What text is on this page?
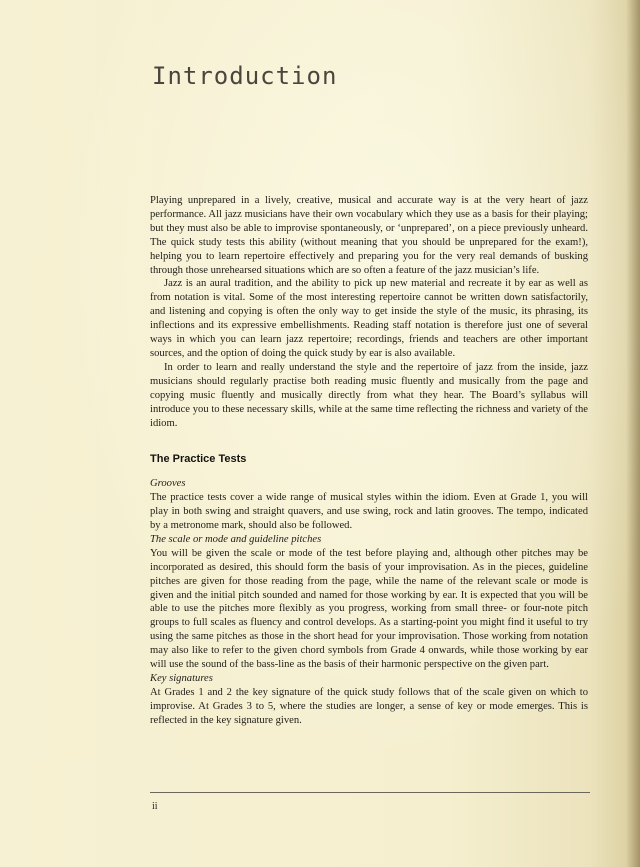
Introduction

Playing unprepared in a lively, creative, musical and accurate way is at the very heart of jazz performance. All jazz musicians have their own vocabulary which they use as a basis for their playing; but they must also be able to improvise spontaneously, or ‘unprepared’, on a piece previously unheard. The quick study tests this ability (without meaning that you should be unprepared for the exam!), helping you to learn repertoire effectively and preparing you for the very real demands of busking through those unrehearsed situations which are so often a feature of the jazz musician’s life.

Jazz is an aural tradition, and the ability to pick up new material and recreate it by ear as well as from notation is vital. Some of the most interesting repertoire cannot be written down satisfactorily, and listening and copying is often the only way to get inside the style of the music, its phrasing, its inflections and its expressive embellishments. Reading staff notation is therefore just one of several ways in which you can learn jazz repertoire; recordings, friends and teachers are other important sources, and the option of doing the quick study by ear is also available.

In order to learn and really understand the style and the repertoire of jazz from the inside, jazz musicians should regularly practise both reading music fluently and musically from the page and copying music fluently and musically directly from what they hear. The Board’s syllabus will introduce you to these necessary skills, while at the same time reflecting the richness and variety of the idiom.

The Practice Tests

Grooves

The practice tests cover a wide range of musical styles within the idiom. Even at Grade 1, you will play in both swing and straight quavers, and use swing, rock and latin grooves. The tempo, indicated by a metronome mark, should also be followed.

The scale or mode and guideline pitches

You will be given the scale or mode of the test before playing and, although other pitches may be incorporated as desired, this should form the basis of your improvisation. As in the pieces, guideline pitches are given for those reading from the page, while the name of the relevant scale or mode is given and the initial pitch sounded and named for those working by ear. It is expected that you will be able to use the pitches more flexibly as you progress, working from small three- or four-note pitch groups to full scales as fluency and control develops. As a starting-point you might find it useful to try using the same pitches as those in the short head for your improvisation. Those working from notation may also like to refer to the given chord symbols from Grade 4 onwards, while those working by ear will use the sound of the bass-line as the basis of their harmonic perspective on the given part.

Key signatures

At Grades 1 and 2 the key signature of the quick study follows that of the scale given on which to improvise. At Grades 3 to 5, where the studies are longer, a sense of key or mode emerges. This is reflected in the key signature given.

ii
